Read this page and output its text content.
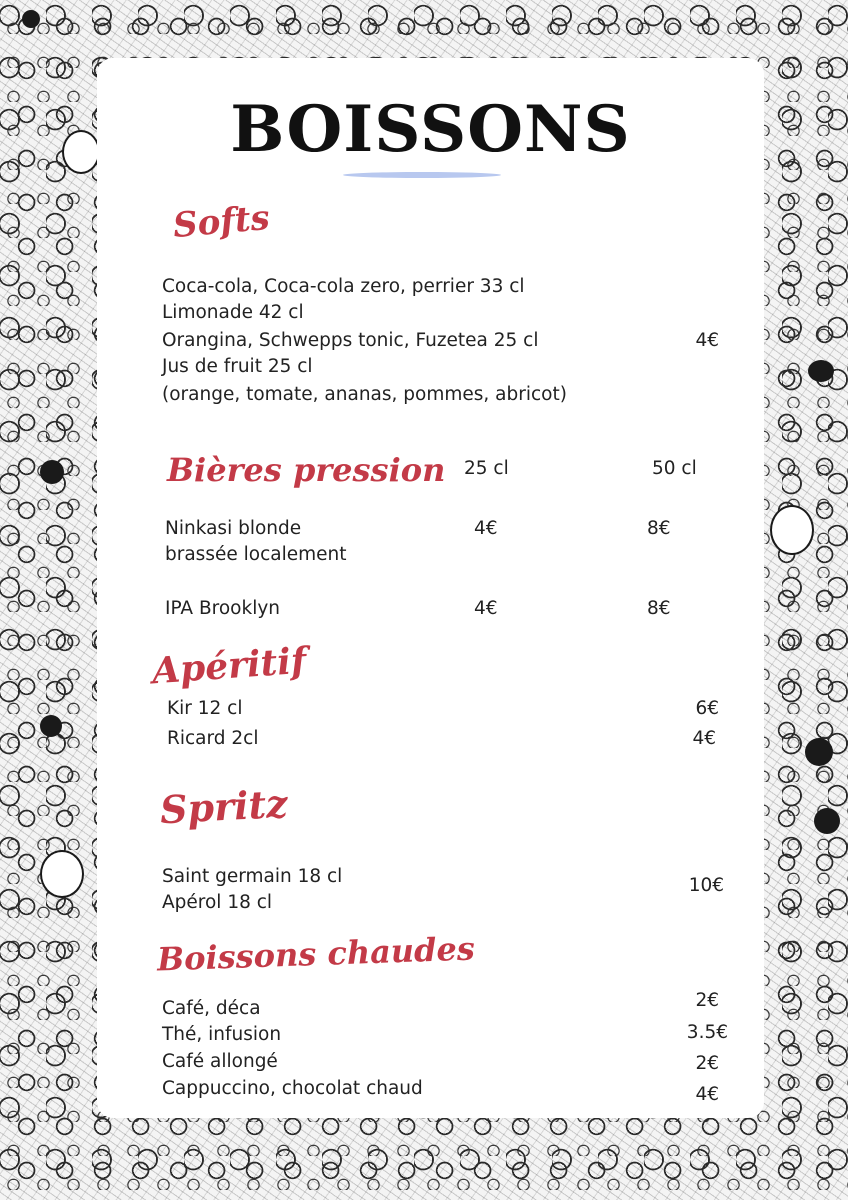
BOISSONS
Softs
Coca-cola, Coca-cola zero, perrier 33 cl
Limonade 42 cl
Orangina, Schwepps tonic, Fuzetea 25 cl
Jus de fruit 25 cl
(orange, tomate, ananas, pommes, abricot)
4€
Bières pression 25 cl	50 cl
Ninkasi blonde
brassée localement
4€	8€
IPA Brooklyn	4€	8€
Apéritif
Kir 12 cl	6€
Ricard 2cl	4€
Spritz
Saint germain 18 cl
Apérol 18 cl
10€
Boissons chaudes
Café, déca	2€
Thé, infusion	3.5€
Café allongé	2€
Cappuccino, chocolat chaud	4€
